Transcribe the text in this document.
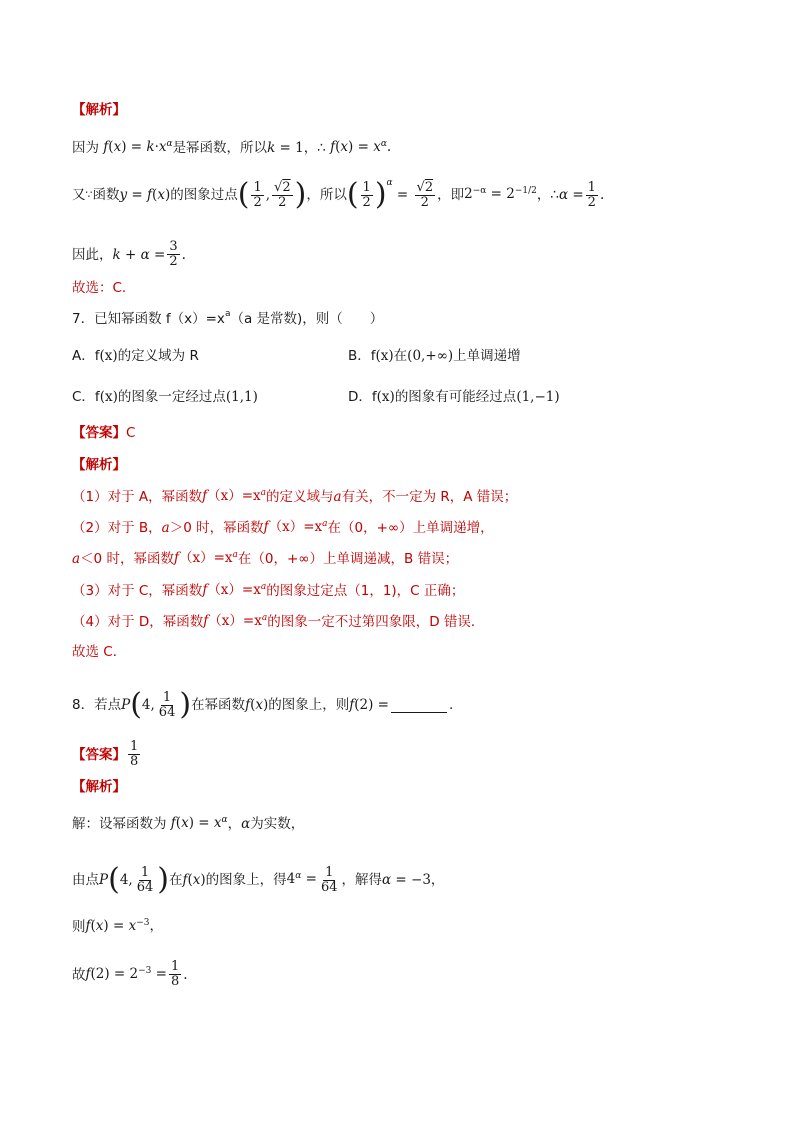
【解析】
因为 $f(x) = k\cdot x^\alpha$ 是幂函数，所以 k = 1 ，∴ $f(x) = x^\alpha$.
又 ∵ 函数 y = f(x) 的图象过点 ( $\frac{1}{2}$ , $\frac{√2}{2}$ ) ，所以 ( $\frac{1}{2} )^\alpha$
= $\frac{√2}{2}$ ，即 $2^{-\alpha} = 2^{-1/2}$ ，∴ $\alpha = \frac{1}{2}$ .
因此， $k + \alpha = \frac{3}{2}$ .
故选：C.
7．已知幂函数 $f(x)=x^a$ （a 是常数)，则（　　）
A．f (x) 的定义域为 R	B．f (x) 在 (0,+∞) 上单调递增
C．f (x) 的图象一定经过点 (1,1)	D．f (x) 的图象有可能经过点 (1,−1)
【答案】 C
【解析】
（1）对于 A，幂函数 $f(x)=x^a$ 的定义域与 a 有关，不一定为 R，A 错误；
（2）对于 B， a ＞0 时，幂函数 $f(x)=x^a$ 在（0，+∞）上单调递增，
a ＜0 时，幂函数 $f(x)=x^a$ 在（0，+∞）上单调递减，B 错误；
（3）对于 C，幂函数 $f(x)=x^a$ 的图象过定点（1，1)，C 正确；
（4）对于 D，幂函数 $f(x)=x^a$ 的图象一定不过第四象限，D 错误．
故选 C．
8．若点 P ( 4, $\frac{1}{64}$ ) 在幂函数 f(x) 的图象上，则 f(2) =	.
【答案】 $\frac{1}{8}$
【解析】
解：设幂函数为 $f(x) = x^\alpha$ ， α 为实数，
由点 P ( 4, $\frac{1}{64}$ ) 在 f(x) 的图象上，得 $4^\alpha = \frac{1}{64}$ ，解得 α = −3，
则 $f(x) = x^{-3}$，
故 $f(2) = 2^{-3} = \frac{1}{8}$ .
